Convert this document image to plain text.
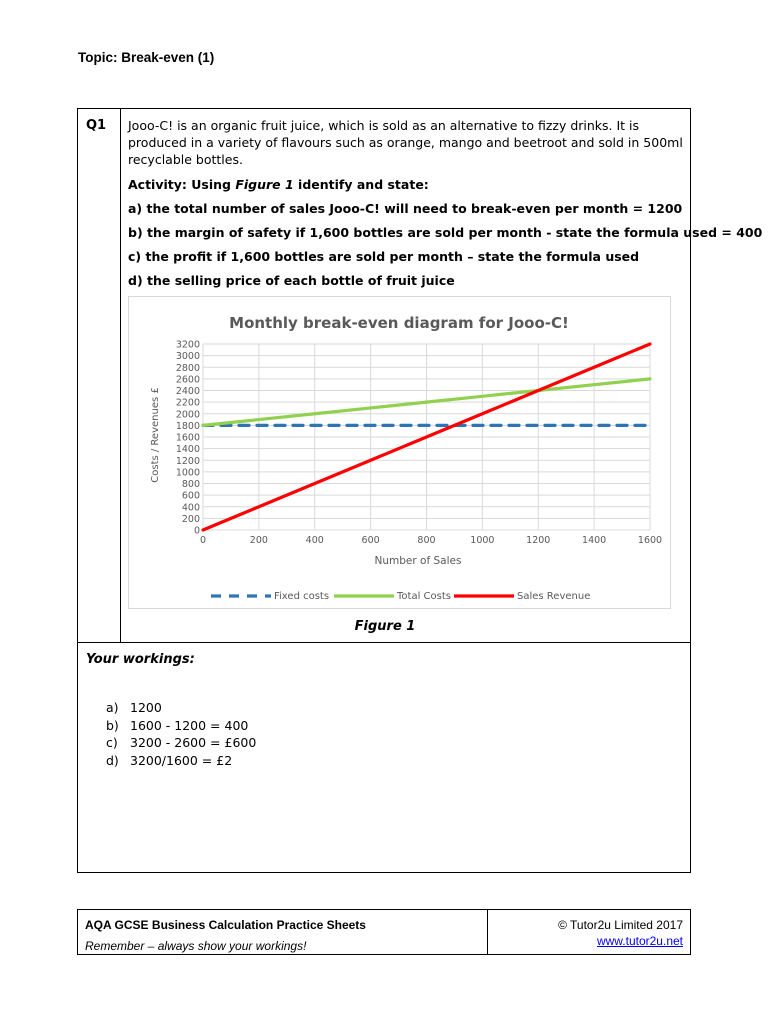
Topic: Break-even (1)
Q1 Jooo-C! is an organic fruit juice, which is sold as an alternative to fizzy drinks. It is produced in a variety of flavours such as orange, mango and beetroot and sold in 500ml recyclable bottles.
Activity: Using Figure 1 identify and state:
a) the total number of sales Jooo-C! will need to break-even per month = 1200
b) the margin of safety if 1,600 bottles are sold per month - state the formula used = 400
c) the profit if 1,600 bottles are sold per month – state the formula used
d) the selling price of each bottle of fruit juice
Monthly break-even diagram for Jooo-C!
0
200
400
600
800
1000
1200
1400
1600
1800
2000
2200
2400
2600
2800
3000
3200
0	200	400	600	800	1000	1200	1400	1600
Costs / Revenues £
Number of Sales
Fixed costs	Total Costs	Sales Revenue
Figure 1
Your workings:
a) 1200
b) 1600 - 1200 = 400
c) 3200 - 2600 = £600
d) 3200/1600 = £2
AQA GCSE Business Calculation Practice Sheets
Remember – always show your workings!
© Tutor2u Limited 2017
www.tutor2u.net
